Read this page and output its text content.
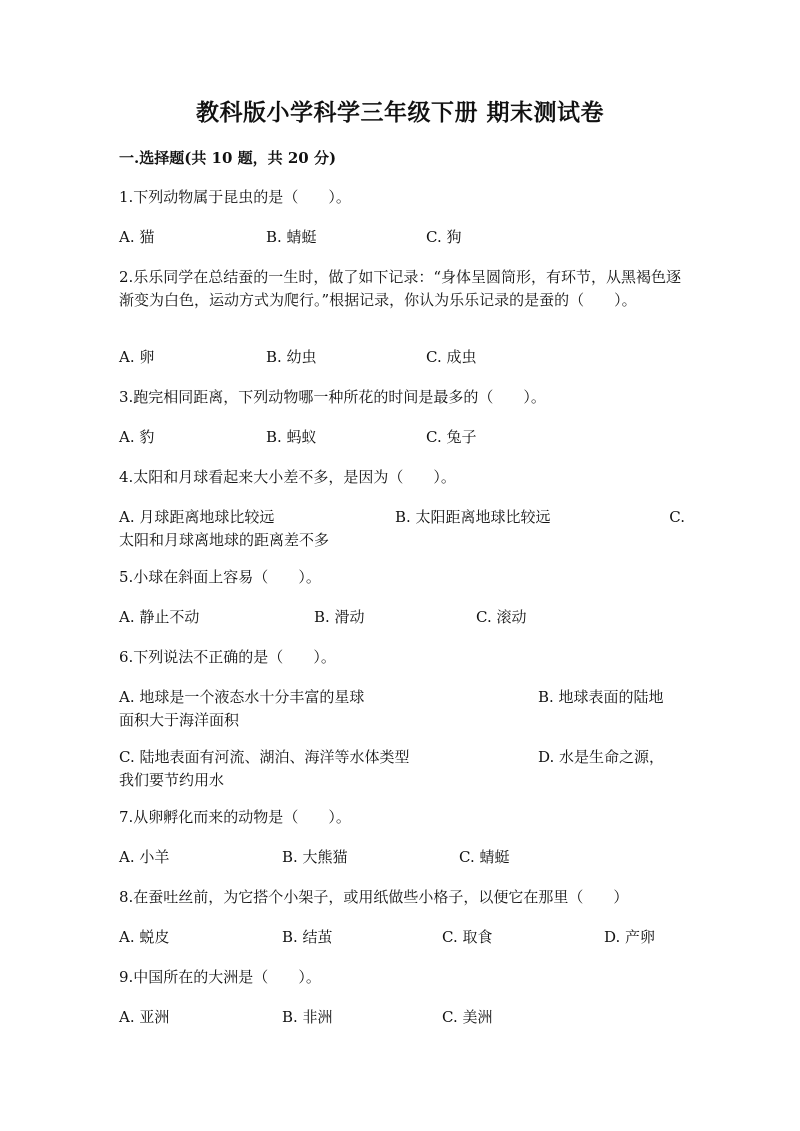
教科版小学科学三年级下册 期末测试卷
一.选择题(共 10 题，共 20 分)
1.下列动物属于昆虫的是（　　）。
A. 猫	B. 蜻蜓	C. 狗
2.乐乐同学在总结蚕的一生时，做了如下记录：“身体呈圆筒形，有环节，从黑褐色逐渐变为白色，运动方式为爬行。”根据记录，你认为乐乐记录的是蚕的（　　）。
A. 卵	B. 幼虫	C. 成虫
3.跑完相同距离，下列动物哪一种所花的时间是最多的（　　）。
A. 豹	B. 蚂蚁	C. 兔子
4.太阳和月球看起来大小差不多，是因为（　　）。
A. 月球距离地球比较远	B. 太阳距离地球比较远	C.
太阳和月球离地球的距离差不多
5.小球在斜面上容易（　　）。
A. 静止不动	B. 滑动	C. 滚动
6.下列说法不正确的是（　　）。
A. 地球是一个液态水十分丰富的星球	B. 地球表面的陆地
面积大于海洋面积
C. 陆地表面有河流、湖泊、海洋等水体类型	D. 水是生命之源，
我们要节约用水
7.从卵孵化而来的动物是（　　）。
A. 小羊	B. 大熊猫	C. 蜻蜓
8.在蚕吐丝前，为它搭个小架子，或用纸做些小格子，以便它在那里（　　）
A. 蜕皮	B. 结茧	C. 取食	D. 产卵
9.中国所在的大洲是（　　）。
A. 亚洲	B. 非洲	C. 美洲
